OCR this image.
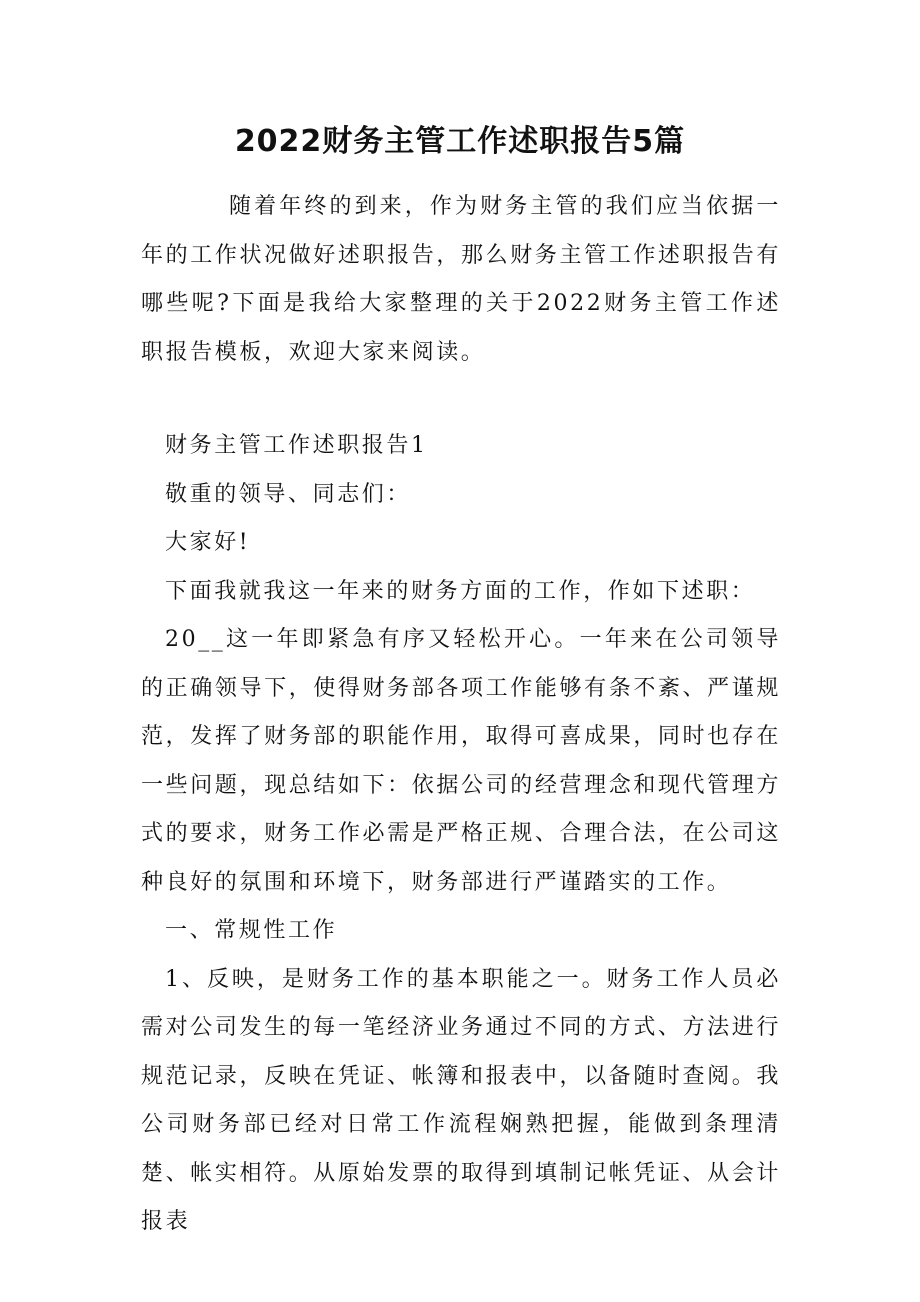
2022财务主管工作述职报告5篇

随着年终的到来，作为财务主管的我们应当依据一年的工作状况做好述职报告，那么财务主管工作述职报告有哪些呢?下面是我给大家整理的关于2022财务主管工作述职报告模板，欢迎大家来阅读。

财务主管工作述职报告1

敬重的领导、同志们：

大家好!

下面我就我这一年来的财务方面的工作，作如下述职：

20__这一年即紧急有序又轻松开心。一年来在公司领导的正确领导下，使得财务部各项工作能够有条不紊、严谨规范，发挥了财务部的职能作用，取得可喜成果，同时也存在一些问题，现总结如下：依据公司的经营理念和现代管理方式的要求，财务工作必需是严格正规、合理合法，在公司这种良好的氛围和环境下，财务部进行严谨踏实的工作。

一、常规性工作

1、反映，是财务工作的基本职能之一。财务工作人员必需对公司发生的每一笔经济业务通过不同的方式、方法进行规范记录，反映在凭证、帐簿和报表中，以备随时查阅。我公司财务部已经对日常工作流程娴熟把握，能做到条理清楚、帐实相符。从原始发票的取得到填制记帐凭证、从会计报表
